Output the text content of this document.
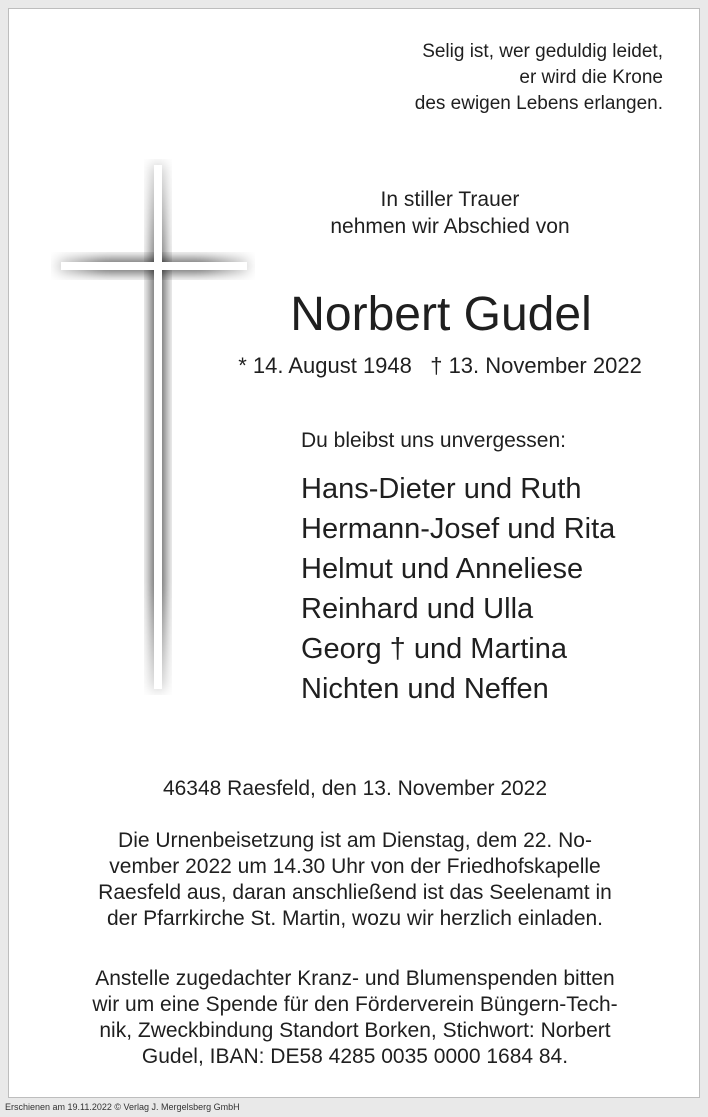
Selig ist, wer geduldig leidet,
er wird die Krone
des ewigen Lebens erlangen.
In stiller Trauer
nehmen wir Abschied von
Norbert Gudel
* 14. August 1948   † 13. November 2022
Du bleibst uns unvergessen:
Hans-Dieter und Ruth
Hermann-Josef und Rita
Helmut und Anneliese
Reinhard und Ulla
Georg † und Martina
Nichten und Neffen
46348 Raesfeld, den 13. November 2022
Die Urnenbeisetzung ist am Dienstag, dem 22. No-
vember 2022 um 14.30 Uhr von der Friedhofskapelle
Raesfeld aus, daran anschließend ist das Seelenamt in
der Pfarrkirche St. Martin, wozu wir herzlich einladen.
Anstelle zugedachter Kranz- und Blumenspenden bitten
wir um eine Spende für den Förderverein Büngern-Tech-
nik, Zweckbindung Standort Borken, Stichwort: Norbert
Gudel, IBAN: DE58 4285 0035 0000 1684 84.
Erschienen am 19.11.2022 © Verlag J. Mergelsberg GmbH
